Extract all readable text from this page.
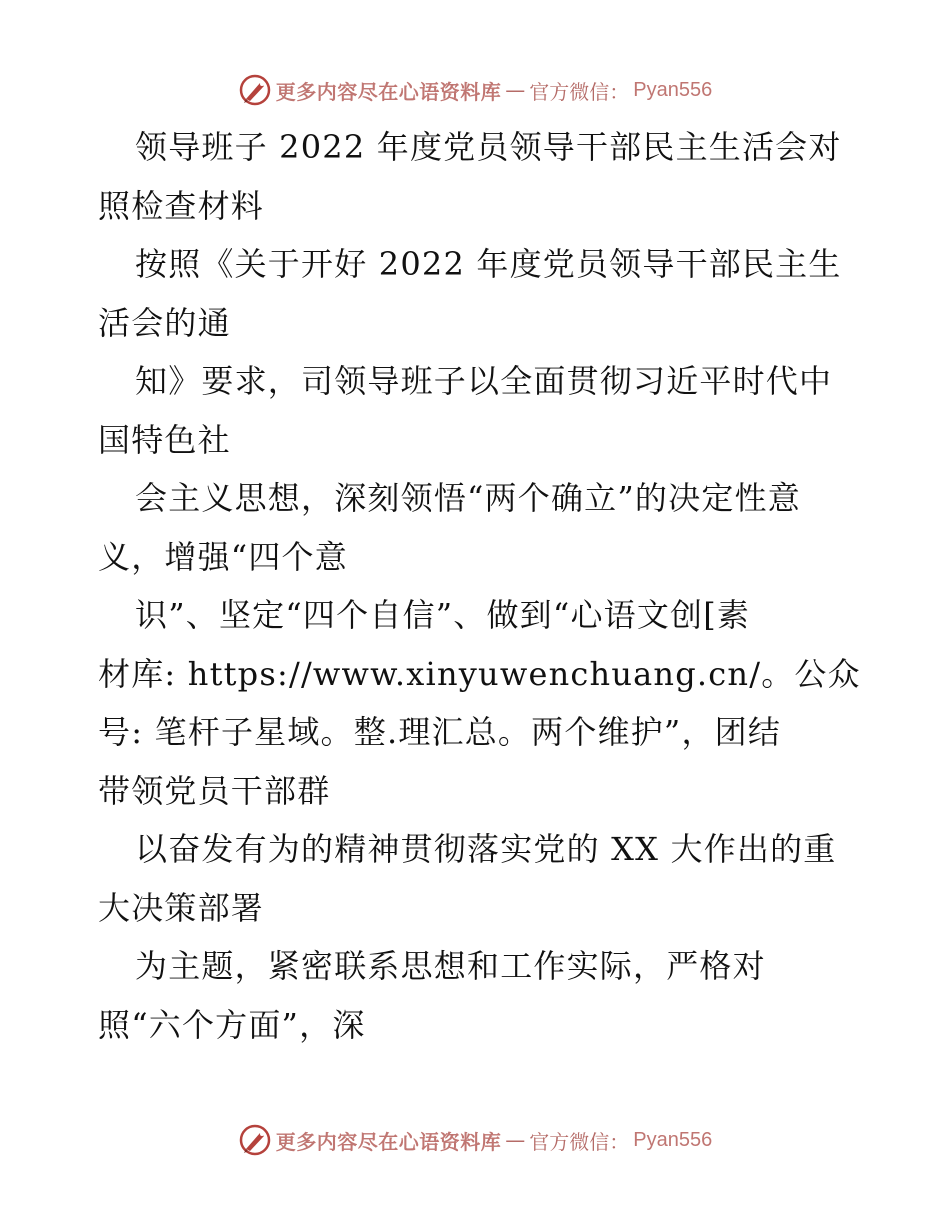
更多内容尽在心语资料库 — 官方微信： Pyan556
领导班子 2022 年度党员领导干部民主生活会对
照检查材料
按照《关于开好 2022 年度党员领导干部民主生
活会的通
知》要求，司领导班子以全面贯彻习近平时代中
国特色社
会主义思想，深刻领悟“两个确立”的决定性意
义，增强“四个意
识”、坚定“四个自信”、做到“心语文创[素
材库: https://www.xinyuwenchuang.cn/。公众
号: 笔杆子星域。整.理汇总。两个维护”，团结
带领党员干部群
以奋发有为的精神贯彻落实党的 XX 大作出的重
大决策部署
为主题，紧密联系思想和工作实际，严格对
照“六个方面”，深
更多内容尽在心语资料库 — 官方微信： Pyan556
